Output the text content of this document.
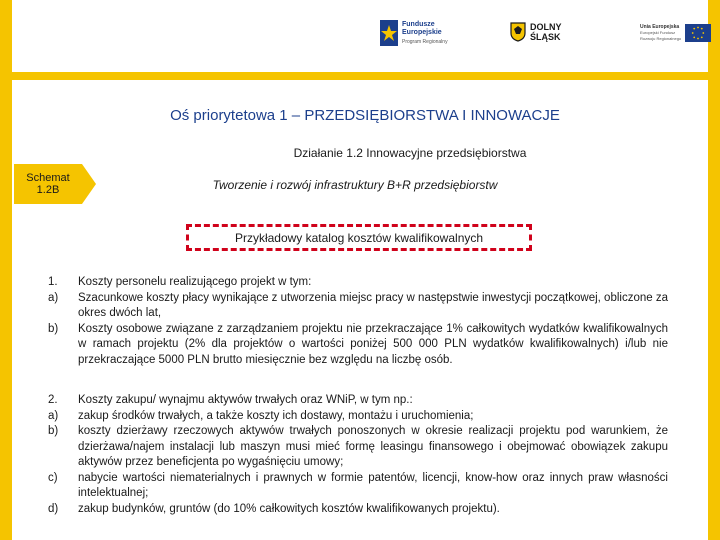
Fundusze
Europejskie
Program Regionalny
DOLNY
ŚLĄSK
Unia Europejska
Europejski Fundusz
Rozwoju Regionalnego
Oś priorytetowa 1 – PRZEDSIĘBIORSTWA I INNOWACJE
Działanie 1.2 Innowacyjne przedsiębiorstwa
Schemat
1.2B	Tworzenie i rozwój infrastruktury B+R przedsiębiorstw
Przykładowy katalog kosztów kwalifikowalnych
1.	Koszty personelu realizującego projekt w tym:
a)	Szacunkowe koszty płacy wynikające z utworzenia miejsc pracy w następstwie inwestycji początkowej, obliczone za okres dwóch lat,
b)	Koszty osobowe związane z zarządzaniem projektu nie przekraczające 1% całkowitych wydatków kwalifikowalnych w ramach projektu (2% dla projektów o wartości poniżej 500 000 PLN wydatków kwalifikowalnych) i/lub nie przekraczające 5000 PLN brutto miesięcznie bez względu na liczbę osób.
2.	Koszty zakupu/ wynajmu aktywów trwałych oraz WNiP, w tym np.:
a)	zakup środków trwałych, a także koszty ich dostawy, montażu i uruchomienia;
b)	koszty dzierżawy rzeczowych aktywów trwałych ponoszonych w okresie realizacji projektu pod warunkiem, że dzierżawa/najem instalacji lub maszyn musi mieć formę leasingu finansowego i obejmować obowiązek zakupu aktywów przez beneficjenta po wygaśnięciu umowy;
c)	nabycie wartości niematerialnych i prawnych w formie patentów, licencji, know-how oraz innych praw własności intelektualnej;
d)	zakup budynków, gruntów (do 10% całkowitych kosztów kwalifikowanych projektu).
